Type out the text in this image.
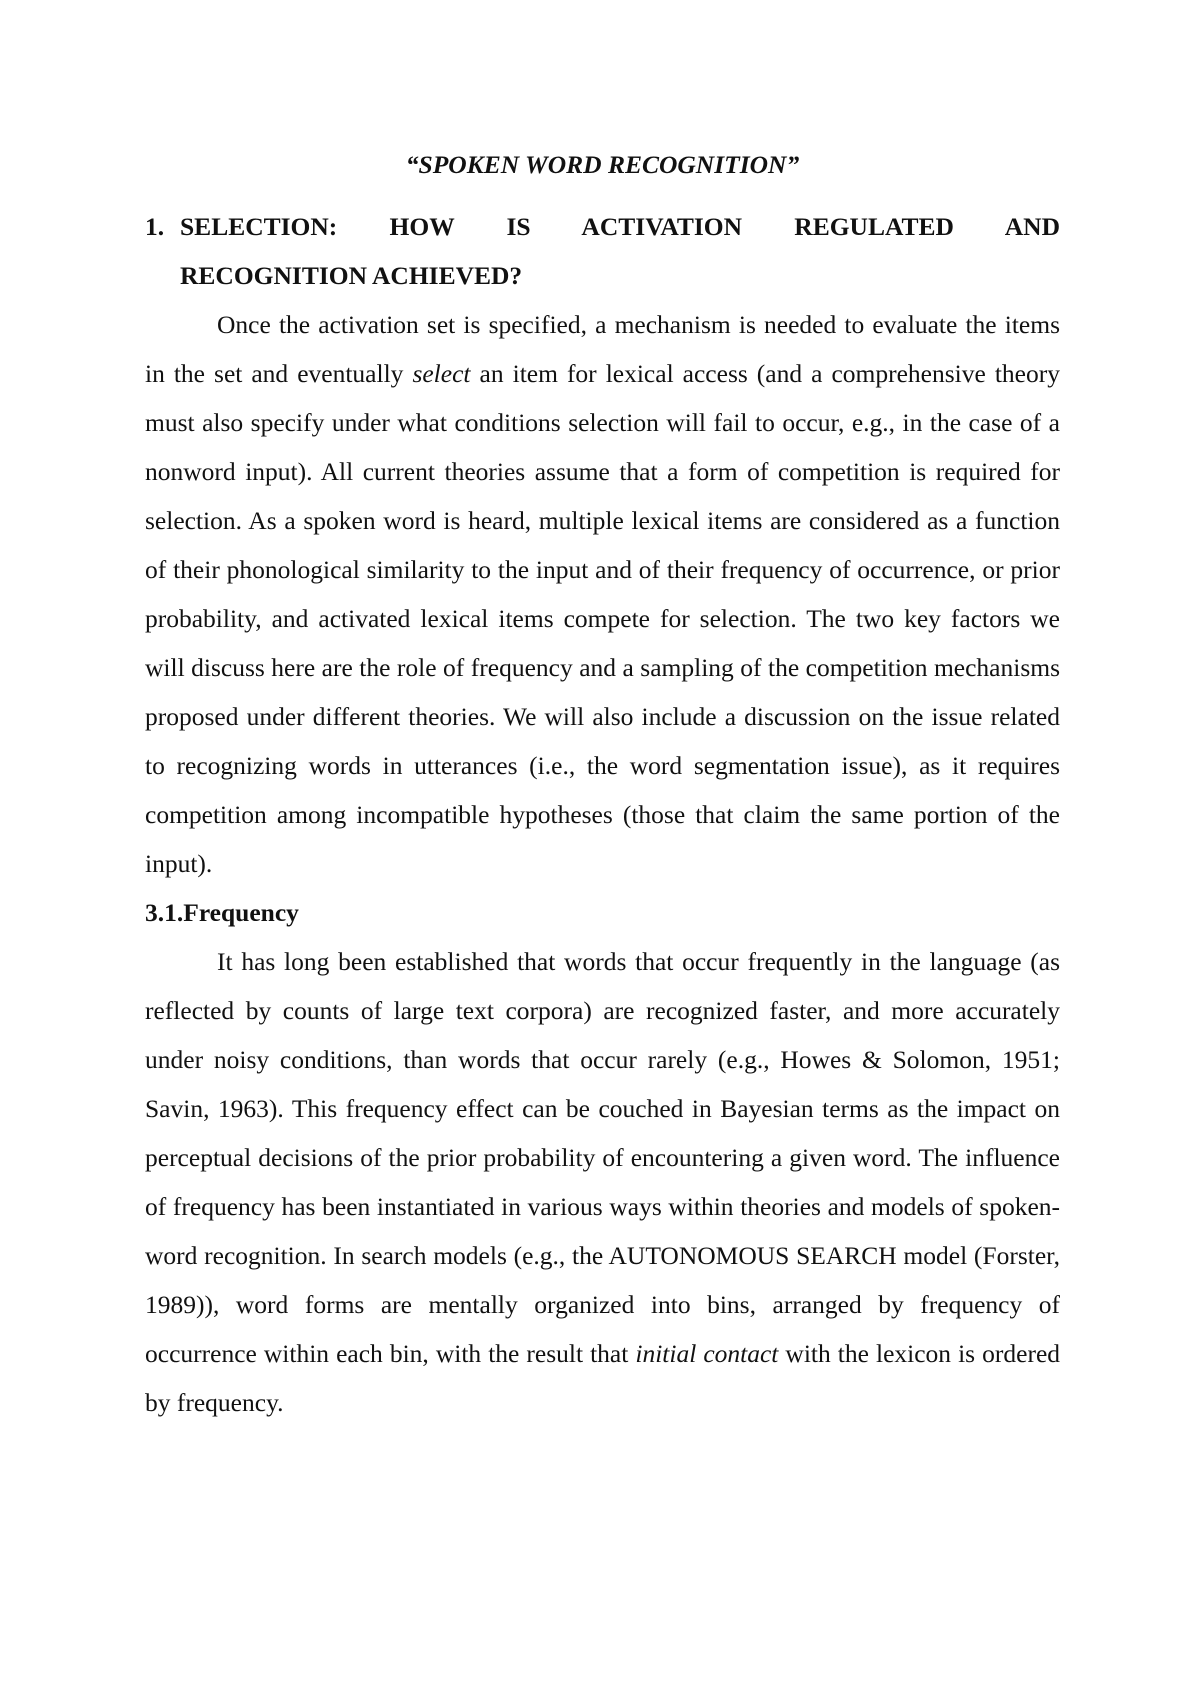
“SPOKEN WORD RECOGNITION”
1. SELECTION: HOW IS ACTIVATION REGULATED AND
RECOGNITION ACHIEVED?

Once the activation set is specified, a mechanism is needed to evaluate the items in the set and eventually select an item for lexical access (and a comprehensive theory must also specify under what conditions selection will fail to occur, e.g., in the case of a nonword input). All current theories assume that a form of competition is required for selection. As a spoken word is heard, multiple lexical items are considered as a function of their phonological similarity to the input and of their frequency of occurrence, or prior probability, and activated lexical items compete for selection. The two key factors we will discuss here are the role of frequency and a sampling of the competition mechanisms proposed under different theories. We will also include a discussion on the issue related to recognizing words in utterances (i.e., the word segmentation issue), as it requires competition among incompatible hypotheses (those that claim the same portion of the input).

3.1.Frequency

It has long been established that words that occur frequently in the language (as reflected by counts of large text corpora) are recognized faster, and more accurately under noisy conditions, than words that occur rarely (e.g., Howes & Solomon, 1951; Savin, 1963). This frequency effect can be couched in Bayesian terms as the impact on perceptual decisions of the prior probability of encountering a given word. The influence of frequency has been instantiated in various ways within theories and models of spoken-word recognition. In search models (e.g., the AUTONOMOUS SEARCH model (Forster, 1989)), word forms are mentally organized into bins, arranged by frequency of occurrence within each bin, with the result that initial contact with the lexicon is ordered by frequency.
